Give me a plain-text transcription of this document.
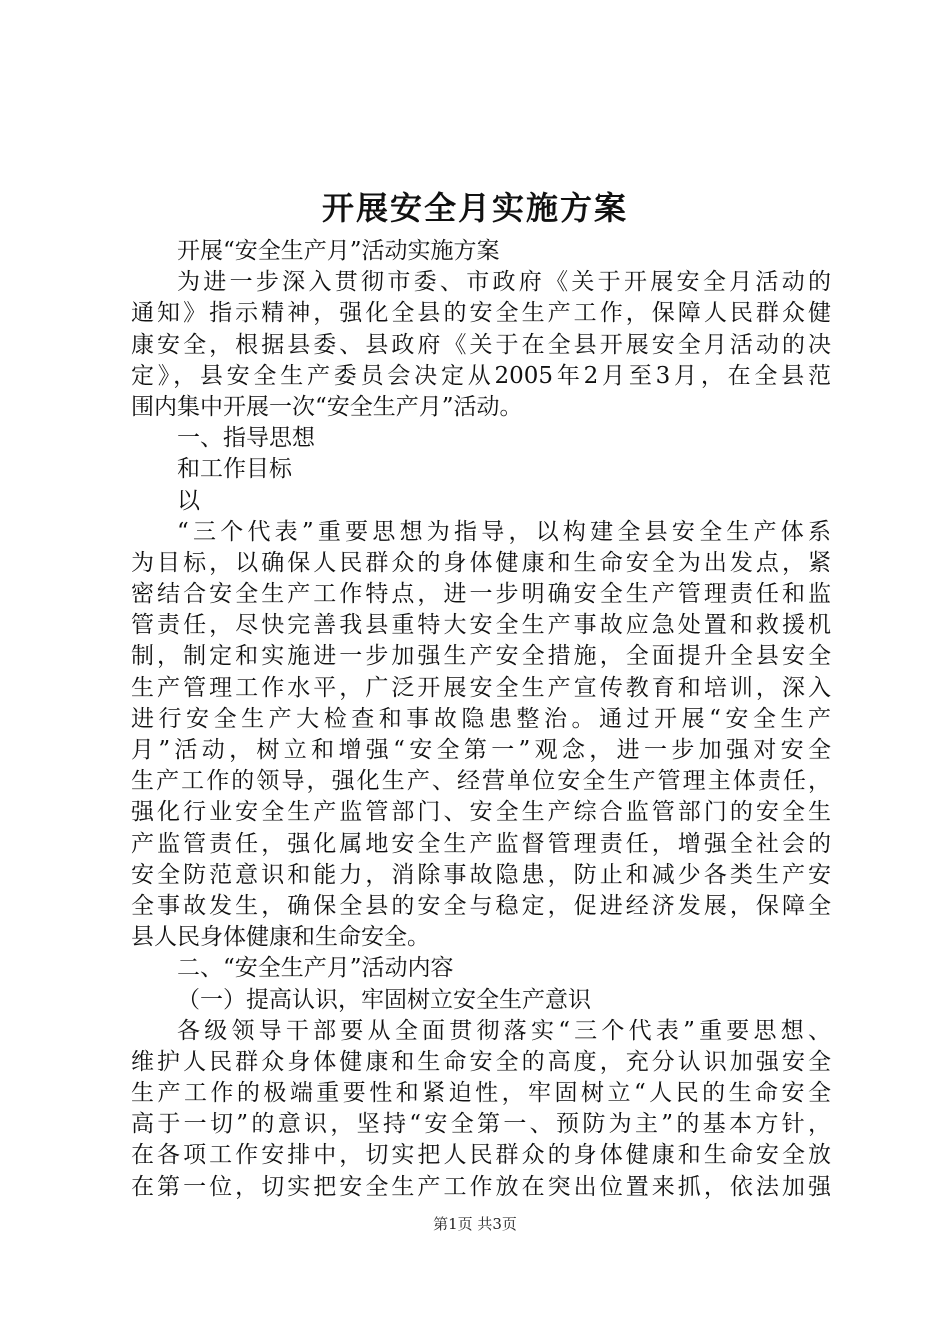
开展安全月实施方案
开展“安全生产月”活动实施方案
为进一步深入贯彻市委、市政府《关于开展安全月活动的
通知》指示精神，强化全县的安全生产工作，保障人民群众健
康安全，根据县委、县政府《关于在全县开展安全月活动的决
定》，县安全生产委员会决定从2005年2月至3月，在全县范
围内集中开展一次“安全生产月”活动。
一、指导思想
和工作目标
以
“三个代表”重要思想为指导，以构建全县安全生产体系
为目标，以确保人民群众的身体健康和生命安全为出发点，紧
密结合安全生产工作特点，进一步明确安全生产管理责任和监
管责任，尽快完善我县重特大安全生产事故应急处置和救援机
制，制定和实施进一步加强生产安全措施，全面提升全县安全
生产管理工作水平，广泛开展安全生产宣传教育和培训，深入
进行安全生产大检查和事故隐患整治。通过开展“安全生产
月”活动，树立和增强“安全第一”观念，进一步加强对安全
生产工作的领导，强化生产、经营单位安全生产管理主体责任，
强化行业安全生产监管部门、安全生产综合监管部门的安全生
产监管责任，强化属地安全生产监督管理责任，增强全社会的
安全防范意识和能力，消除事故隐患，防止和减少各类生产安
全事故发生，确保全县的安全与稳定，促进经济发展，保障全
县人民身体健康和生命安全。
二、“安全生产月”活动内容
（一）提高认识，牢固树立安全生产意识
各级领导干部要从全面贯彻落实“三个代表”重要思想、
维护人民群众身体健康和生命安全的高度，充分认识加强安全
生产工作的极端重要性和紧迫性，牢固树立“人民的生命安全
高于一切”的意识，坚持“安全第一、预防为主”的基本方针，
在各项工作安排中，切实把人民群众的身体健康和生命安全放
在第一位，切实把安全生产工作放在突出位置来抓，依法加强
第1页 共3页
